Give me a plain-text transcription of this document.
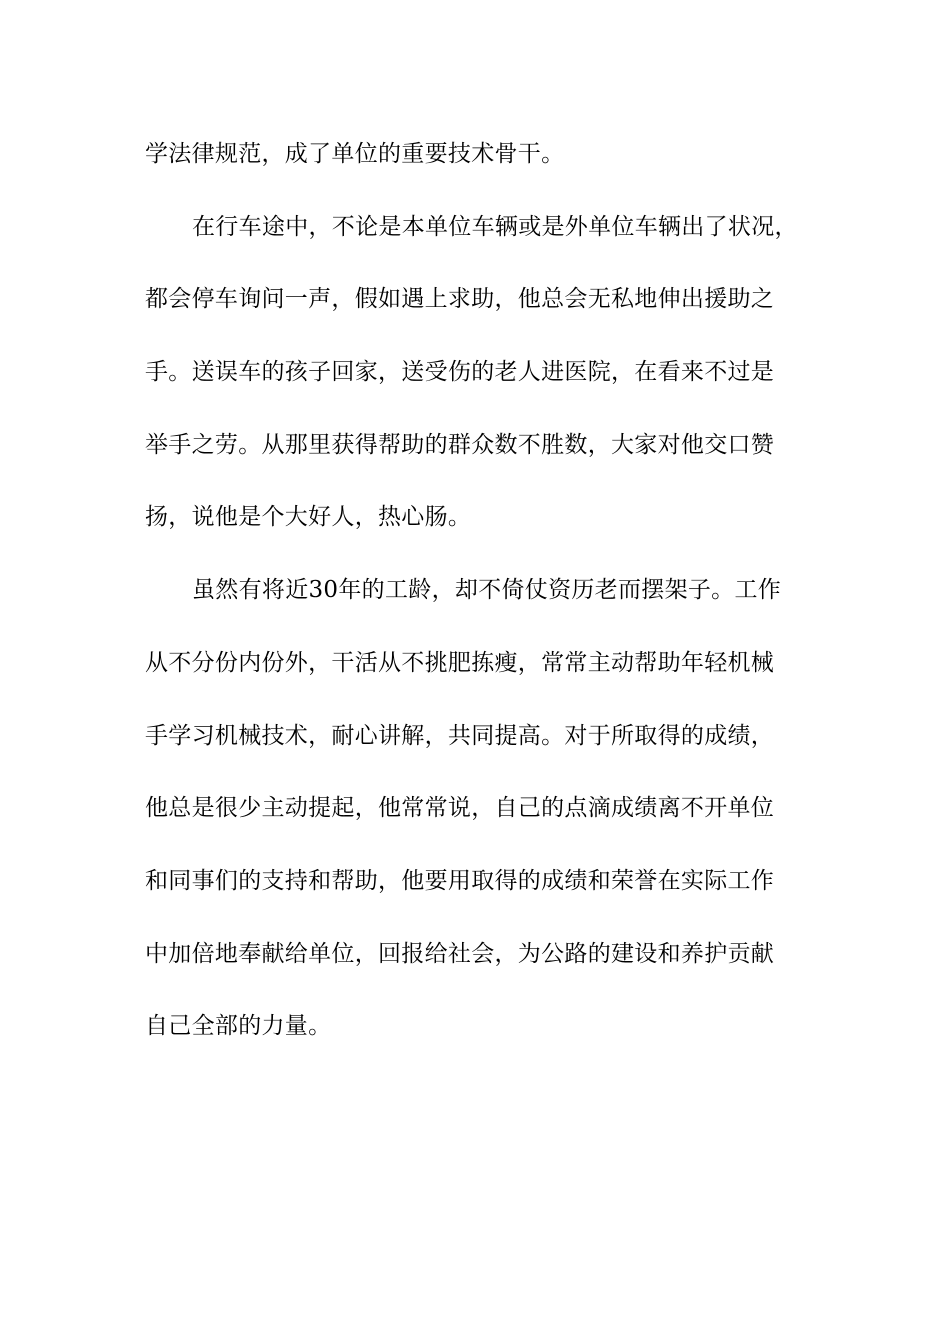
学法律规范，成了单位的重要技术骨干。
在行车途中，不论是本单位车辆或是外单位车辆出了状况，
都会停车询问一声，假如遇上求助，他总会无私地伸出援助之
手。送误车的孩子回家，送受伤的老人进医院，在看来不过是
举手之劳。从那里获得帮助的群众数不胜数，大家对他交口赞
扬，说他是个大好人，热心肠。
虽然有将近30年的工龄，却不倚仗资历老而摆架子。工作
从不分份内份外，干活从不挑肥拣瘦，常常主动帮助年轻机械
手学习机械技术，耐心讲解，共同提高。对于所取得的成绩，
他总是很少主动提起，他常常说，自己的点滴成绩离不开单位
和同事们的支持和帮助，他要用取得的成绩和荣誉在实际工作
中加倍地奉献给单位，回报给社会，为公路的建设和养护贡献
自己全部的力量。
